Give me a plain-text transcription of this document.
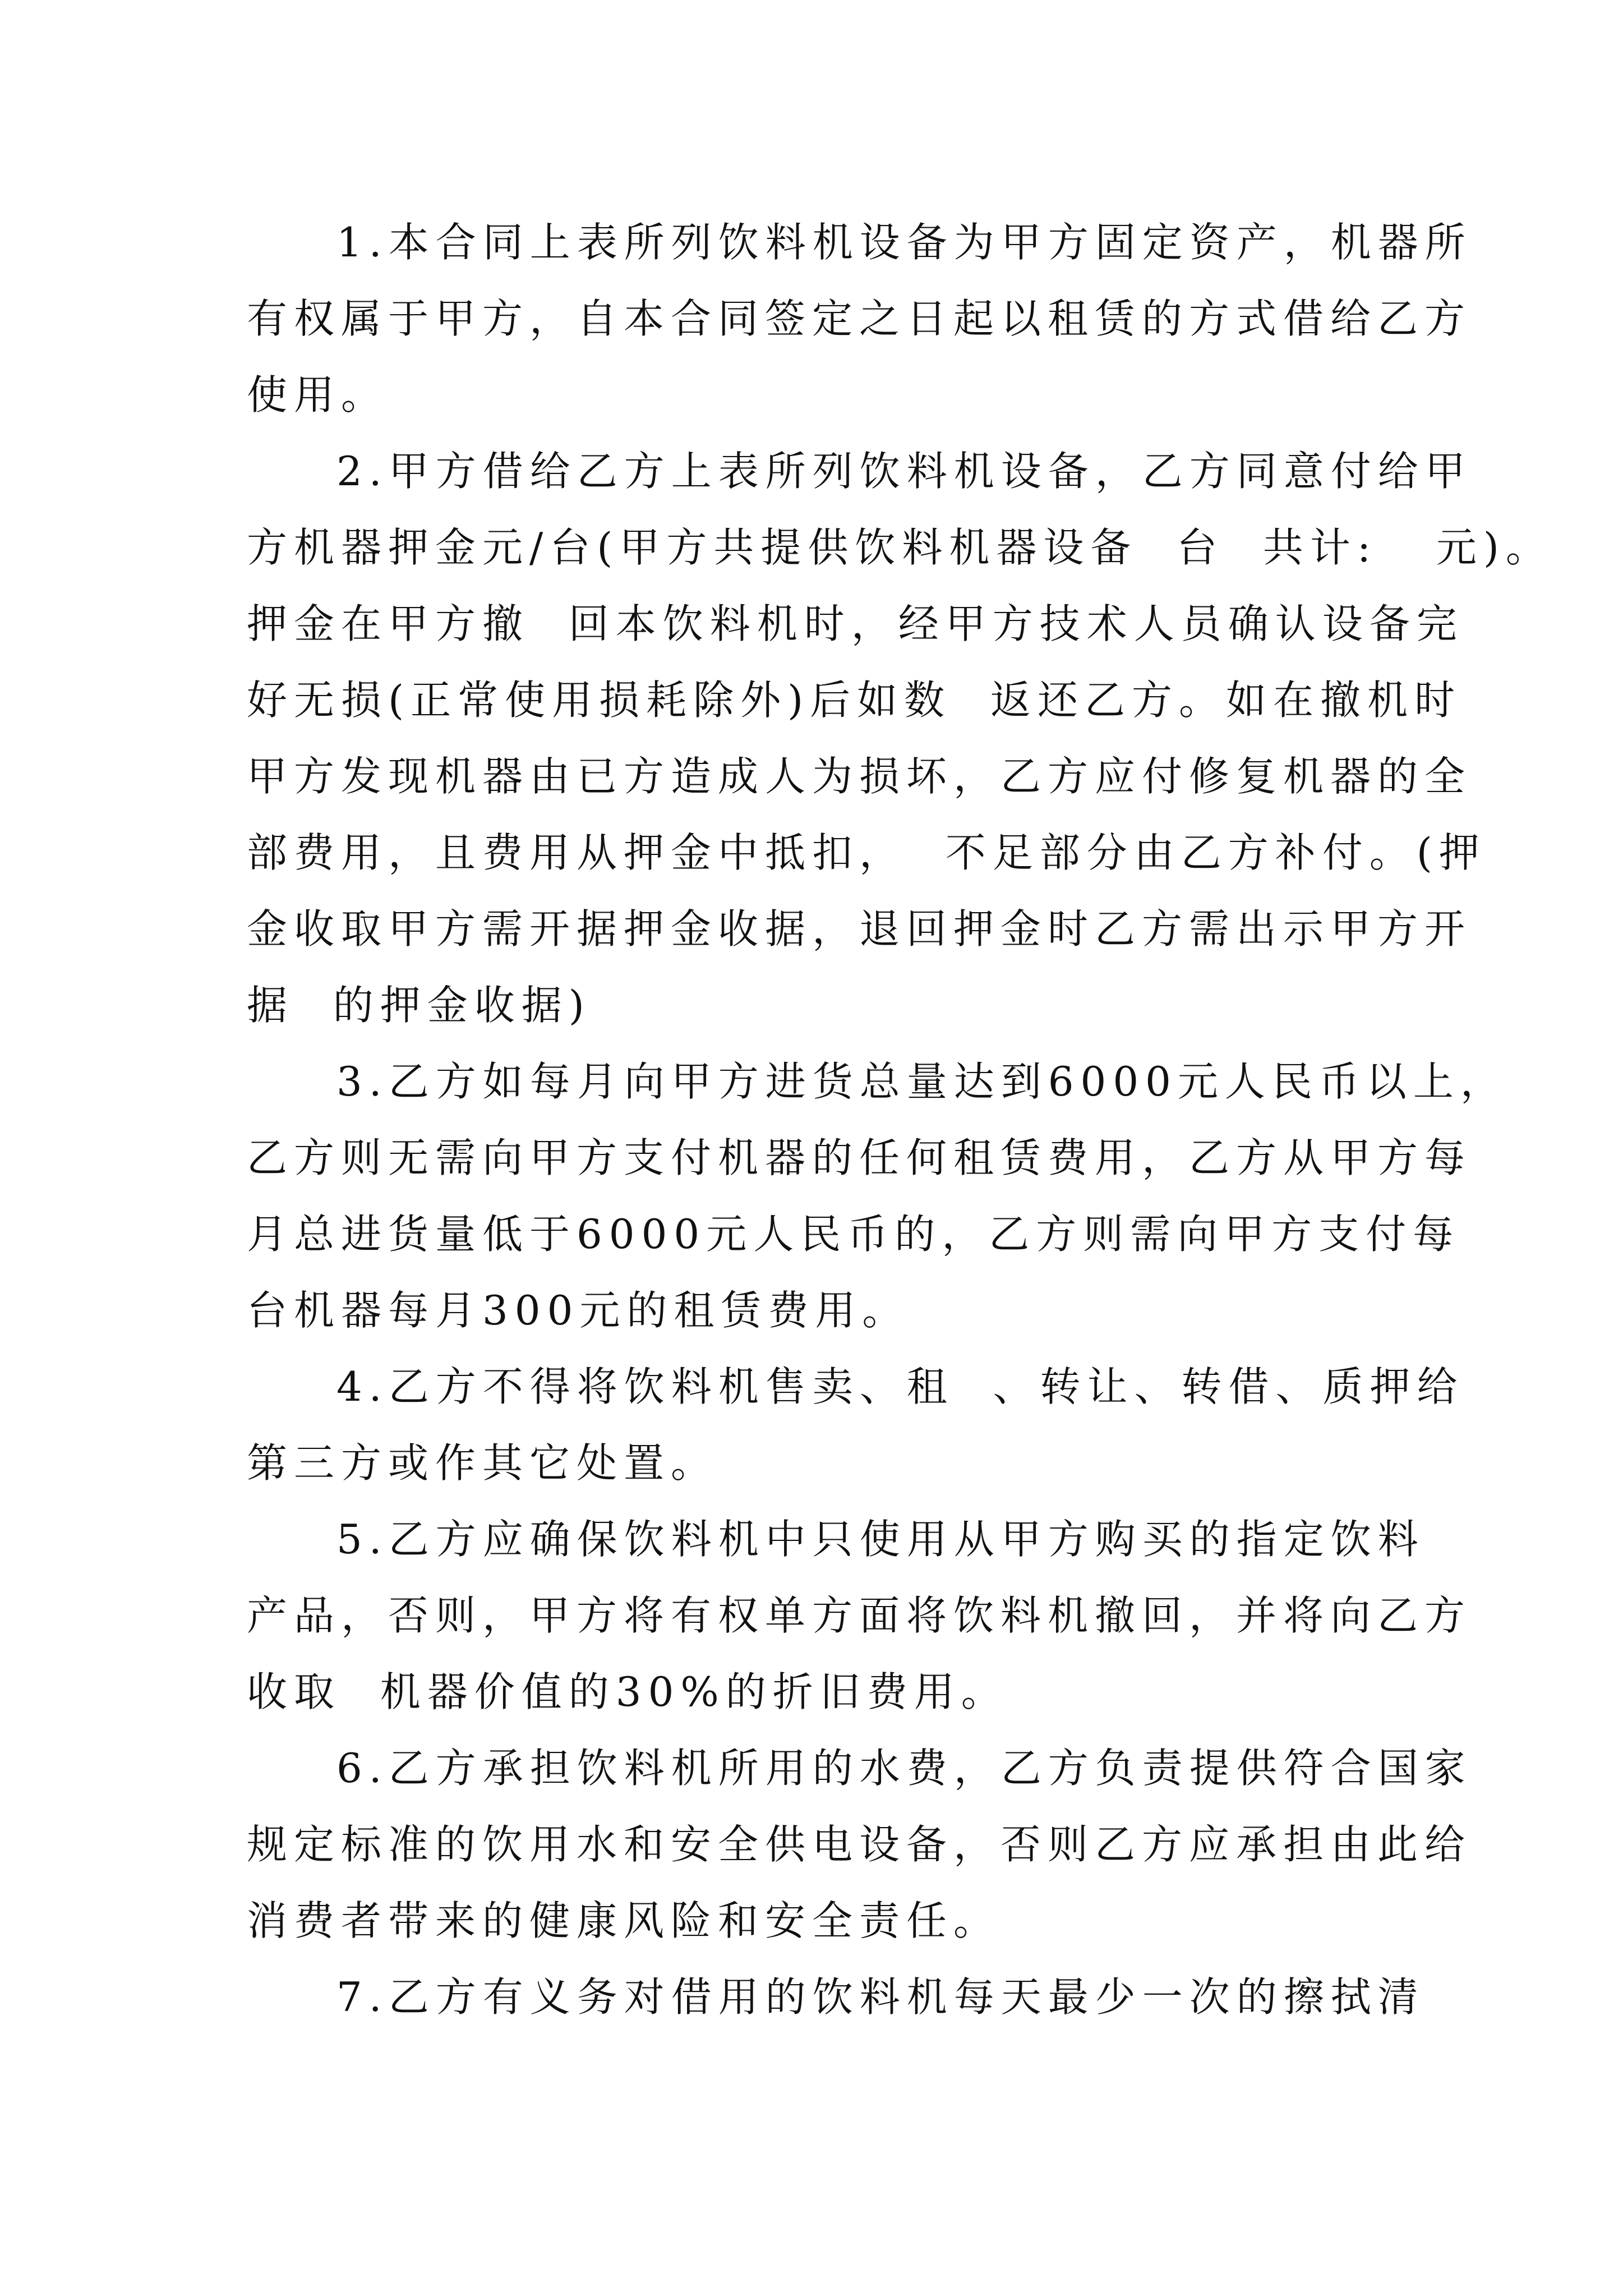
1.本合同上表所列饮料机设备为甲方固定资产，机器所
有权属于甲方，自本合同签定之日起以租赁的方式借给乙方
使用。
2.甲方借给乙方上表所列饮料机设备，乙方同意付给甲
方机器押金元/台(甲方共提供饮料机器设备  台  共计:   元)。
押金在甲方撤  回本饮料机时，经甲方技术人员确认设备完
好无损(正常使用损耗除外)后如数  返还乙方。如在撤机时
甲方发现机器由已方造成人为损坏，乙方应付修复机器的全
部费用，且费用从押金中抵扣，  不足部分由乙方补付。(押
金收取甲方需开据押金收据，退回押金时乙方需出示甲方开
据  的押金收据)
3.乙方如每月向甲方进货总量达到6000元人民币以上，
乙方则无需向甲方支付机器的任何租赁费用，乙方从甲方每
月总进货量低于6000元人民币的，乙方则需向甲方支付每
台机器每月300元的租赁费用。
4.乙方不得将饮料机售卖、租  、转让、转借、质押给
第三方或作其它处置。
5.乙方应确保饮料机中只使用从甲方购买的指定饮料
产品，否则，甲方将有权单方面将饮料机撤回，并将向乙方
收取  机器价值的30%的折旧费用。
6.乙方承担饮料机所用的水费，乙方负责提供符合国家
规定标准的饮用水和安全供电设备，否则乙方应承担由此给
消费者带来的健康风险和安全责任。
7.乙方有义务对借用的饮料机每天最少一次的擦拭清
